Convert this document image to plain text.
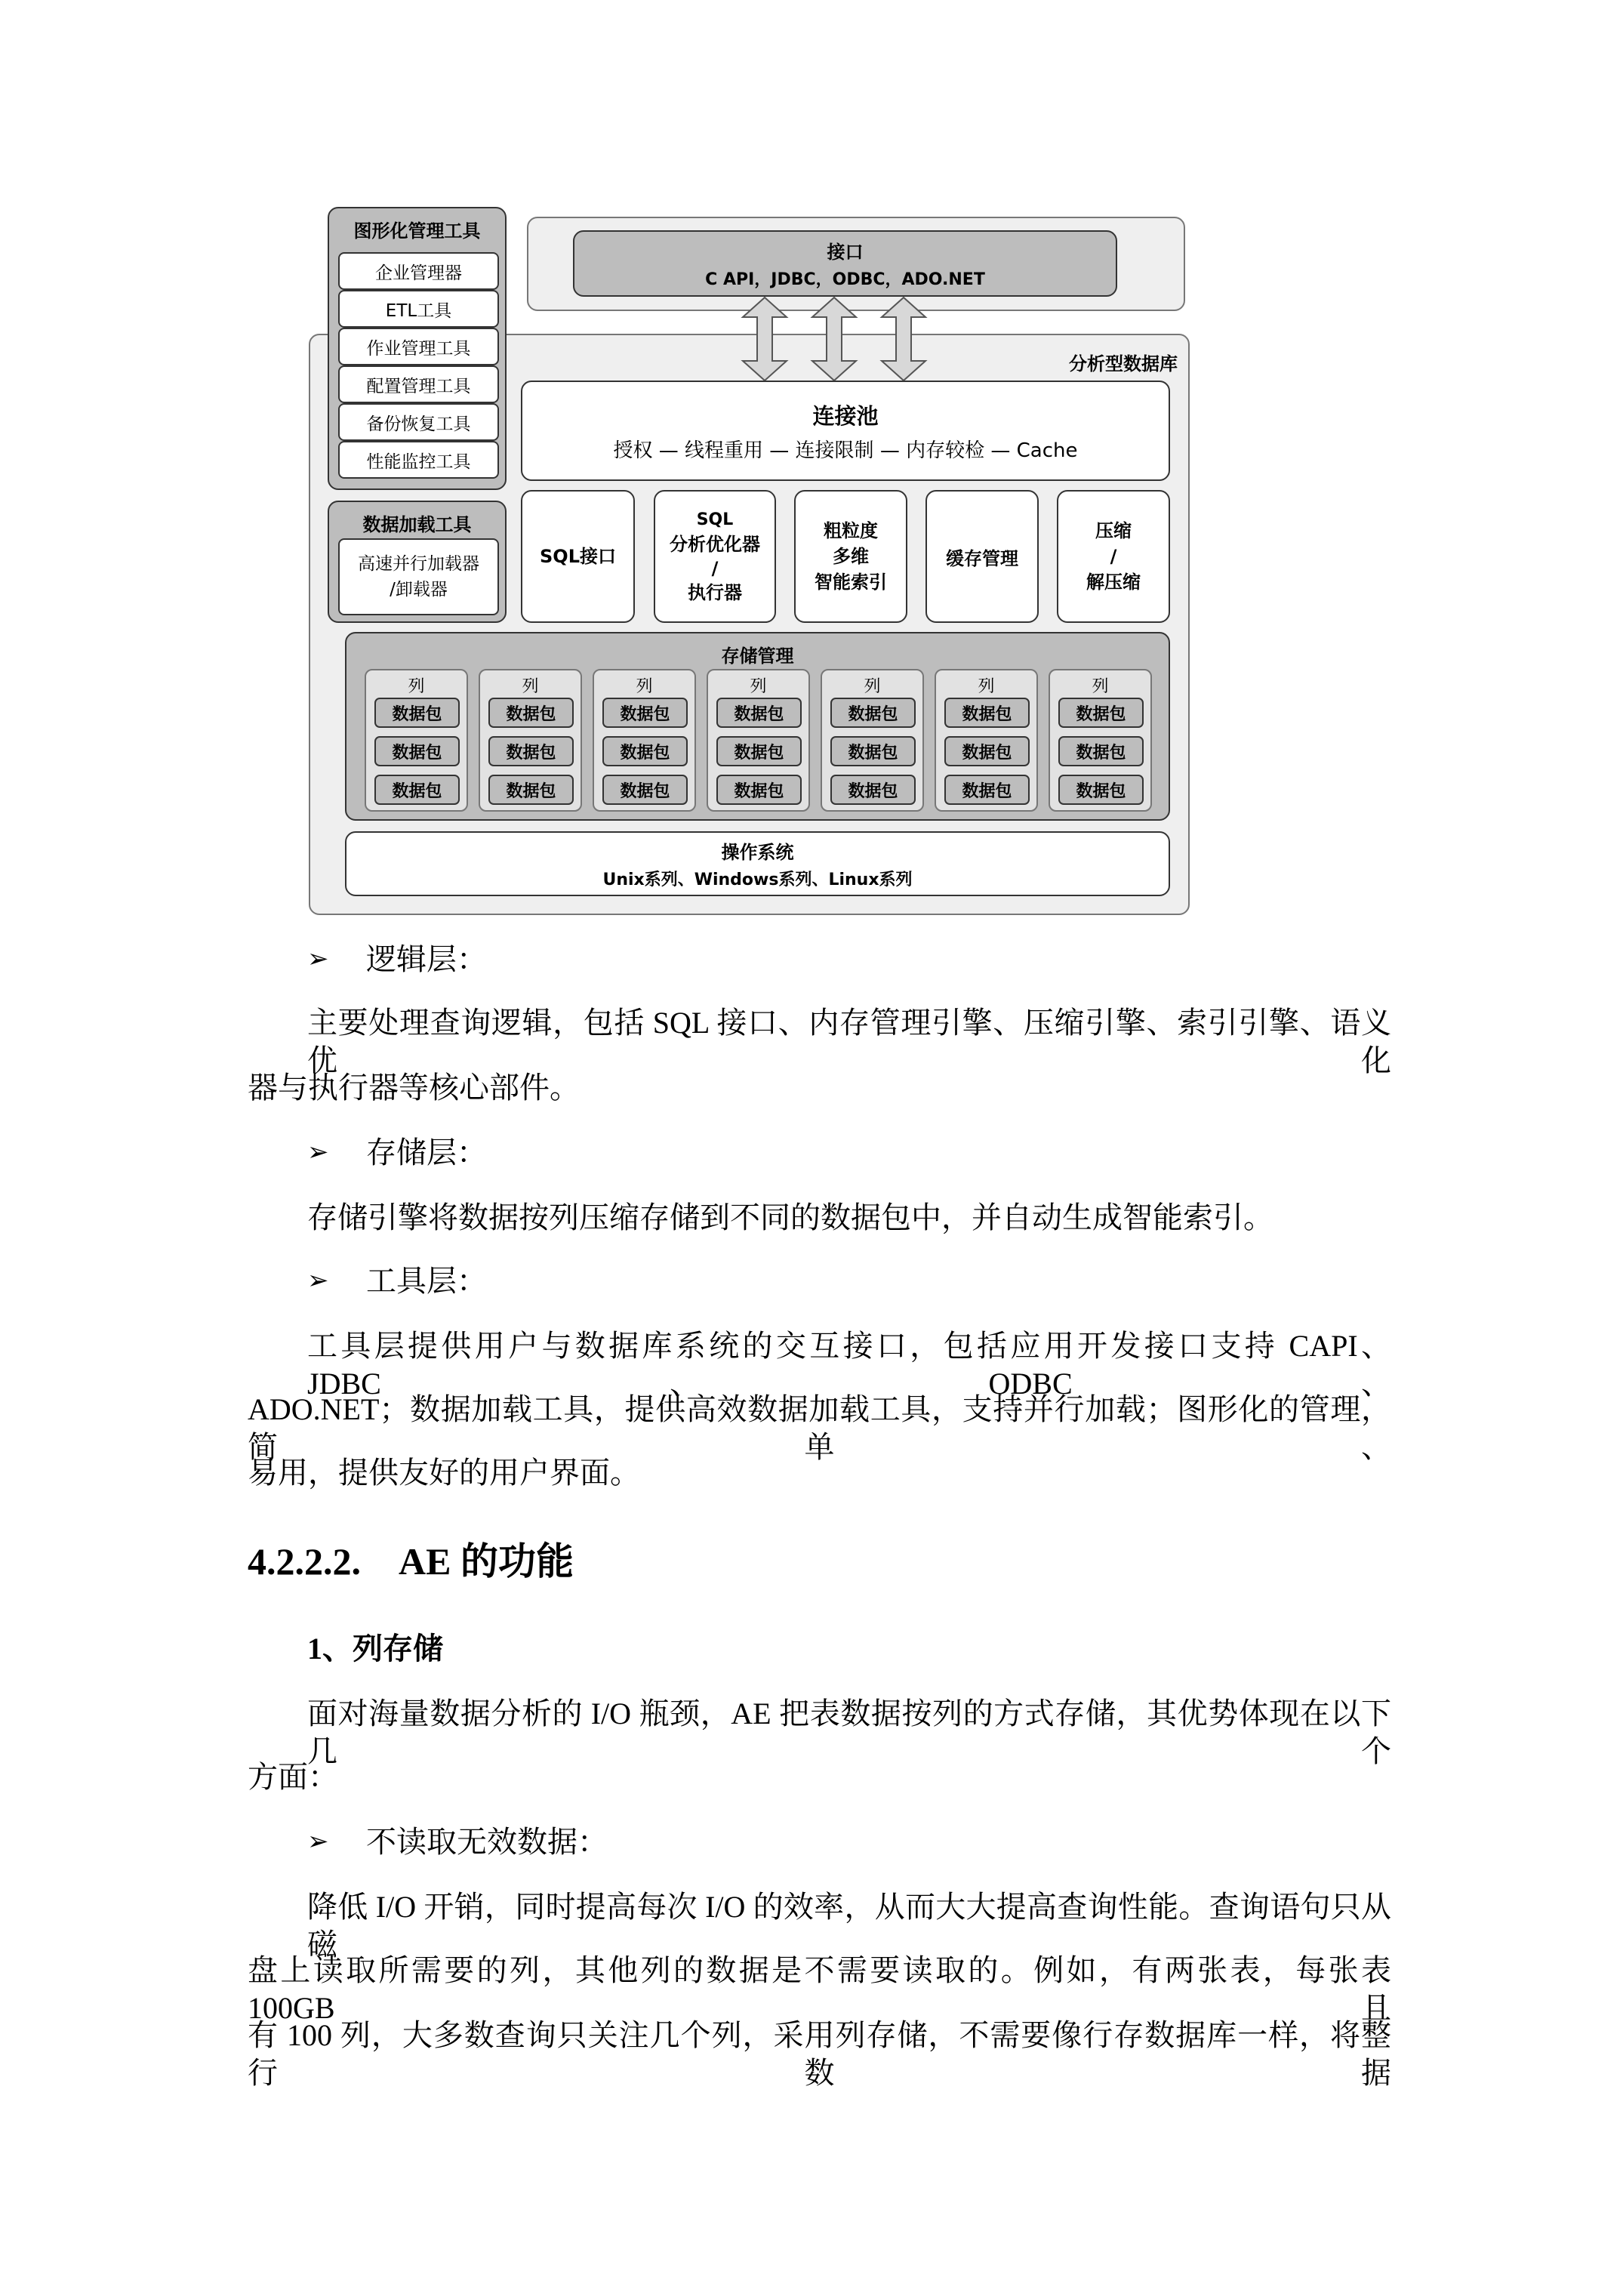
接口
C API，JDBC，ODBC，ADO.NET
分析型数据库
图形化管理工具
企业管理器
ETL工具
作业管理工具
配置管理工具
备份恢复工具
性能监控工具
数据加载工具
高速并行加载器
/卸载器
连接池
授权 — 线程重用 — 连接限制 — 内存较检 — Cache
SQL接口
SQL
分析优化器
/
执行器
粗粒度
多维
智能索引
缓存管理
压缩
/
解压缩
存储管理
列
数据包
数据包
数据包
列
数据包
数据包
数据包
列
数据包
数据包
数据包
列
数据包
数据包
数据包
列
数据包
数据包
数据包
列
数据包
数据包
数据包
列
数据包
数据包
数据包
操作系统
Unix系列、Windows系列、Linux系列
➢ 逻辑层：
主要处理查询逻辑，包括 SQL 接口、内存管理引擎、压缩引擎、索引引擎、语义优化
器与执行器等核心部件。
➢ 存储层：
存储引擎将数据按列压缩存储到不同的数据包中，并自动生成智能索引。
➢ 工具层：
工具层提供用户与数据库系统的交互接口，包括应用开发接口支持 CAPI、JDBC、ODBC、
ADO.NET；数据加载工具，提供高效数据加载工具，支持并行加载；图形化的管理，简单、
易用，提供友好的用户界面。
4.2.2.2.　AE 的功能
1、列存储
面对海量数据分析的 I/O 瓶颈，AE 把表数据按列的方式存储，其优势体现在以下几个
方面：
➢ 不读取无效数据：
降低 I/O 开销，同时提高每次 I/O 的效率，从而大大提高查询性能。查询语句只从磁
盘上读取所需要的列，其他列的数据是不需要读取的。例如，有两张表，每张表 100GB 且
有 100 列，大多数查询只关注几个列，采用列存储，不需要像行存数据库一样，将整行数据
